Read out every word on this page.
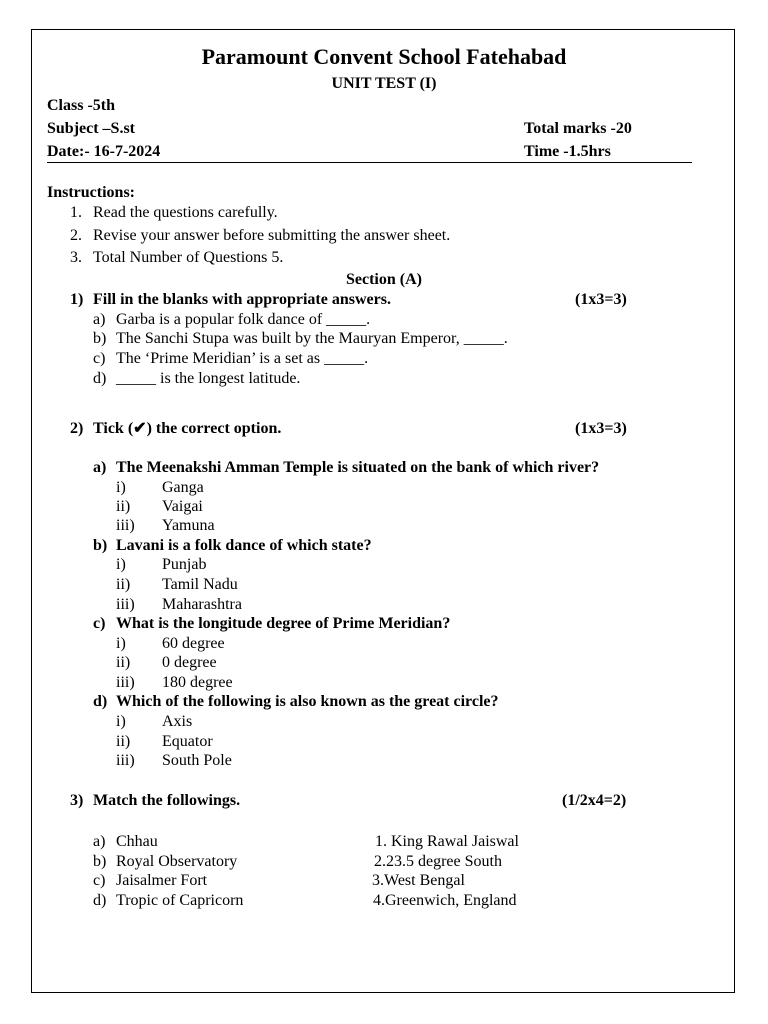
Paramount Convent School Fatehabad
UNIT TEST (I)
Class -5th
Subject –S.st	Total marks -20
Date:- 16-7-2024	Time -1.5hrs
Instructions:
1. Read the questions carefully.
2. Revise your answer before submitting the answer sheet.
3. Total Number of Questions 5.
Section (A)
1) Fill in the blanks with appropriate answers.	(1x3=3)
a) Garba is a popular folk dance of _____.
b) The Sanchi Stupa was built by the Mauryan Emperor, _____.
c) The ‘Prime Meridian’ is a set as _____.
d) _____ is the longest latitude.
2) Tick (✔) the correct option.	(1x3=3)
a) The Meenakshi Amman Temple is situated on the bank of which river?
i) Ganga
ii) Vaigai
iii) Yamuna
b) Lavani is a folk dance of which state?
i) Punjab
ii) Tamil Nadu
iii) Maharashtra
c) What is the longitude degree of Prime Meridian?
i) 60 degree
ii) 0 degree
iii) 180 degree
d) Which of the following is also known as the great circle?
i) Axis
ii) Equator
iii) South Pole
3) Match the followings.	(1/2x4=2)
a) Chhau	1. King Rawal Jaiswal
b) Royal Observatory	2.23.5 degree South
c) Jaisalmer Fort	3.West Bengal
d) Tropic of Capricorn	4.Greenwich, England
